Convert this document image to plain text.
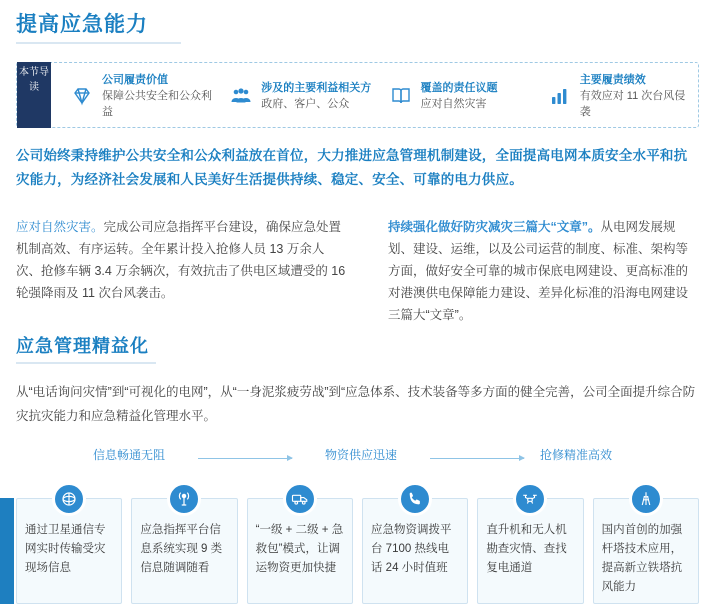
提高应急能力
本节导读
公司履责价值
保障公共安全和公众利益
涉及的主要利益相关方
政府、客户、公众
覆盖的责任议题
应对自然灾害
主要履责绩效
有效应对 11 次台风侵袭
公司始终秉持维护公共安全和公众利益放在首位，大力推进应急管理机制建设，全面提高电网本质安全水平和抗灾能力，为经济社会发展和人民美好生活提供持续、稳定、安全、可靠的电力供应。
应对自然灾害。完成公司应急指挥平台建设，确保应急处置机制高效、有序运转。全年累计投入抢修人员 13 万余人次、抢修车辆 3.4 万余辆次，有效抗击了供电区域遭受的 16 轮强降雨及 11 次台风袭击。
持续强化做好防灾减灾三篇大“文章”。从电网发展规划、建设、运维，以及公司运营的制度、标准、架构等方面，做好安全可靠的城市保底电网建设、更高标准的对港澳供电保障能力建设、差异化标准的沿海电网建设三篇大“文章”。
应急管理精益化
从“电话询问灾情”到“可视化的电网”，从“一身泥浆疲劳战”到“应急体系、技术装备等多方面的健全完善，公司全面提升综合防灾抗灾能力和应急精益化管理水平。
信息畅通无阻	物资供应迅速	抢修精准高效
通过卫星通信专网实时传输受灾现场信息
应急指挥平台信息系统实现 9 类信息随调随看
“一级 + 二级 + 急救包”模式，让调运物资更加快捷
应急物资调拨平台 7100 热线电话 24 小时值班
直升机和无人机勘查灾情、查找复电通道
国内首创的加强杆塔技术应用，提高新立铁塔抗风能力
